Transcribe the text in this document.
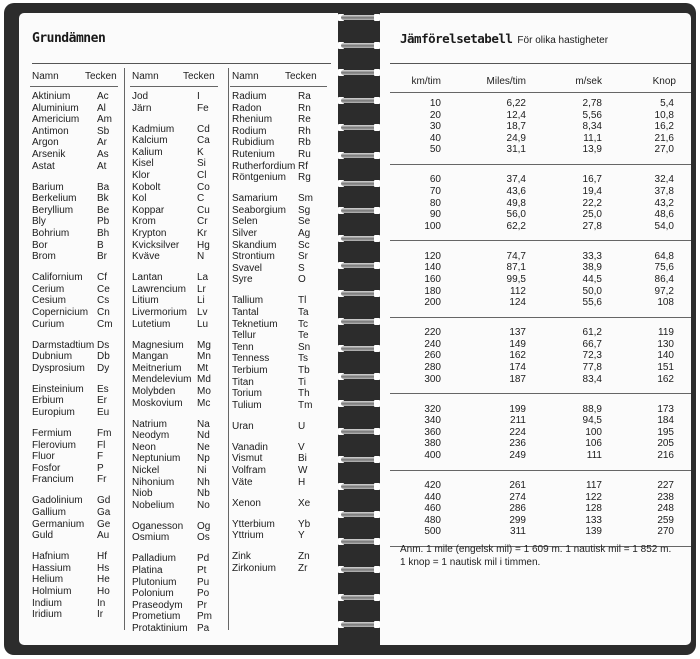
Grundämnen
Namn	Tecken
Aktinium	Ac
Aluminium Al
Americium Am
Antimon	Sb
Argon	Ar
Arsenik	As
Astat	At
Barium	Ba
Berkelium Bk
Beryllium Be
Bly	Pb
Bohrium	Bh
Bor	B
Brom	Br
Californium Cf
Cerium	Ce
Cesium	Cs
Copernicium Cn
Curium	Cm
Darmstadtium Ds
Dubnium Db
Dysprosium Dy
Einsteinium Es
Erbium	Er
Europium Eu
Fermium	Fm
Flerovium Fl
Fluor	F
Fosfor	P
Francium Fr
Gadolinium Gd
Gallium	Ga
Germanium Ge
Guld	Au
Hafnium	Hf
Hassium	Hs
Helium	He
Holmium	Ho
Indium	In
Iridium	Ir
Namn Tecken
Jod	I
Järn	Fe
Kadmium Cd
Kalcium	Ca
Kalium	K
Kisel	Si
Klor	Cl
Kobolt	Co
Kol	C
Koppar	Cu
Krom	Cr
Krypton	Kr
Kvicksilver Hg
Kväve	N
Lantan	La
Lawrencium Lr
Litium	Li
Livermorium Lv
Lutetium	Lu
Magnesium Mg
Mangan	Mn
Meitnerium Mt
Mendelevium Md
Molybden Mo
Moskovium Mc
Natrium	Na
Neodym	Nd
Neon	Ne
Neptunium Np
Nickel	Ni
Nihonium Nh
Niob	Nb
Nobelium No
Oganesson Og
Osmium	Os
Palladium Pd
Platina	Pt
Plutonium Pu
Polonium Po
Praseodym Pr
Prometium Pm
Protaktinium Pa
Namn	Tecken
Radium	Ra
Radon	Rn
Rhenium	Re
Rodium	Rh
Rubidium Rb
Rutenium Ru
Rutherfordium Rf
Röntgenium Rg
Samarium Sm
Seaborgium Sg
Selen	Se
Silver	Ag
Skandium Sc
Strontium Sr
Svavel	S
Syre	O
Tallium	Tl
Tantal	Ta
Teknetium Tc
Tellur	Te
Tenn	Sn
Tenness	Ts
Terbium	Tb
Titan	Ti
Torium	Th
Tulium	Tm
Uran	U
Vanadin	V
Vismut	Bi
Volfram	W
Väte	H
Xenon	Xe
Ytterbium Yb
Yttrium	Y
Zink	Zn
Zirkonium Zr
Jämförelsetabell För olika hastigheter
km/tim	Miles/tim	m/sek	Knop
10	6,22	2,78	5,4
20	12,4	5,56	10,8
30	18,7	8,34	16,2
40	24,9	11,1	21,6
50	31,1	13,9	27,0
60	37,4	16,7	32,4
70	43,6	19,4	37,8
80	49,8	22,2	43,2
90	56,0	25,0	48,6
100	62,2	27,8	54,0
120	74,7	33,3	64,8
140	87,1	38,9	75,6
160	99,5	44,5	86,4
180	112	50,0	97,2
200	124	55,6	108
220	137	61,2	119
240	149	66,7	130
260	162	72,3	140
280	174	77,8	151
300	187	83,4	162
320	199	88,9	173
340	211	94,5	184
360	224	100	195
380	236	106	205
400	249	111	216
420	261	117	227
440	274	122	238
460	286	128	248
480	299	133	259
500	311	139	270
Anm. 1 mile (engelsk mil) = 1 609 m. 1 nautisk mil = 1 852 m.
1 knop = 1 nautisk mil i timmen.
